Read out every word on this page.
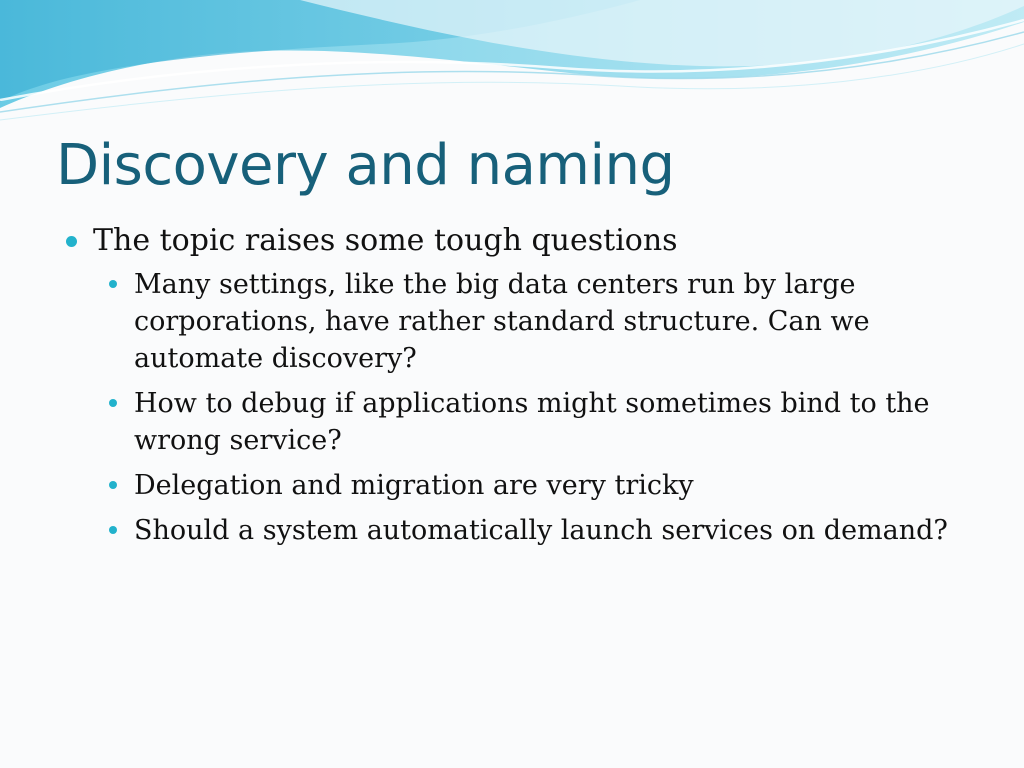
Discovery and naming
The topic raises some tough questions
Many settings, like the big data centers run by large corporations, have rather standard structure. Can we automate discovery?
How to debug if applications might sometimes bind to the wrong service?
Delegation and migration are very tricky
Should a system automatically launch services on demand?
